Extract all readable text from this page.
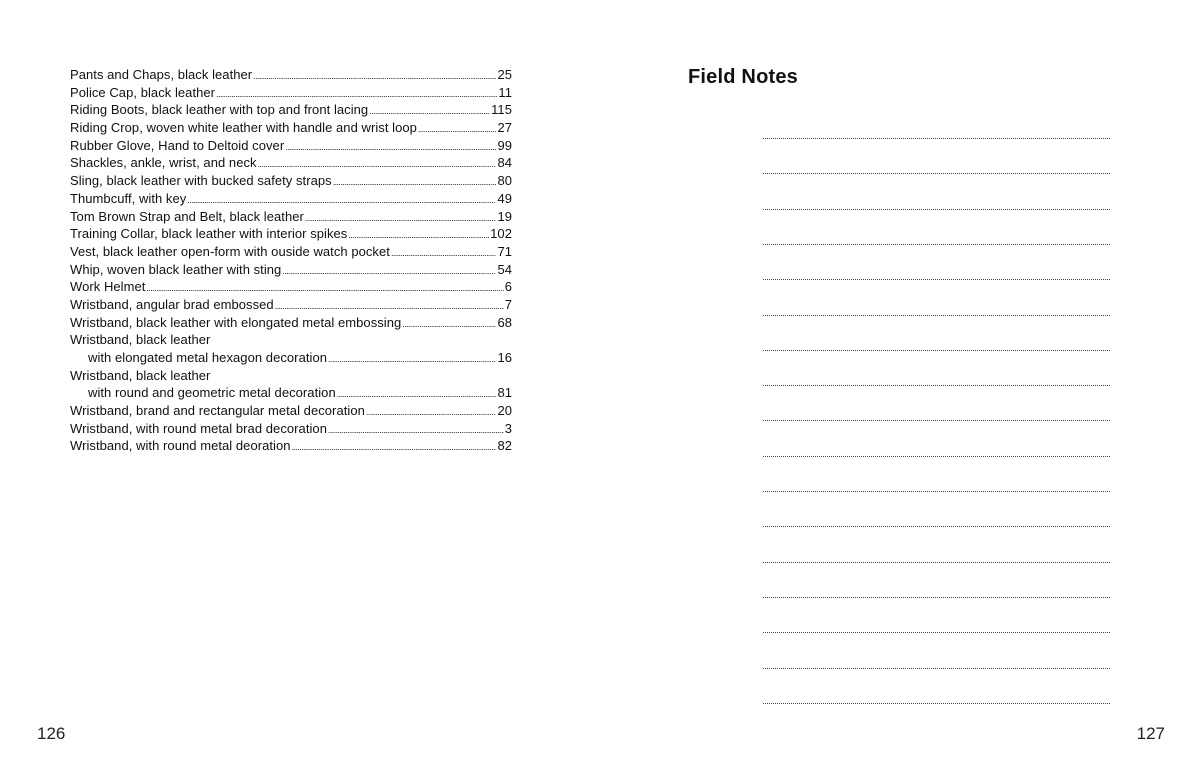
Pants and Chaps, black leather .....	25
Police Cap, black leather .....	11
Riding Boots, black leather with top and front lacing .....	115
Riding Crop, woven white leather with handle and wrist loop .....	27
Rubber Glove, Hand to Deltoid cover .....	99
Shackles, ankle, wrist, and neck .....	84
Sling, black leather with bucked safety straps .....	80
Thumbcuff, with key .....	49
Tom Brown Strap and Belt, black leather .....	19
Training Collar, black leather with interior spikes .....	102
Vest, black leather open-form with ouside watch pocket .....	71
Whip, woven black leather with sting .....	54
Work Helmet .....	6
Wristband, angular brad embossed .....	7
Wristband, black leather with elongated metal embossing .....	68
Wristband, black leather
with elongated metal hexagon decoration .....	16
Wristband, black leather
with round and geometric metal decoration .....	81
Wristband, brand and rectangular metal decoration .....	20
Wristband, with round metal brad decoration .....	3
Wristband, with round metal deoration .....	82
126
Field Notes
127
